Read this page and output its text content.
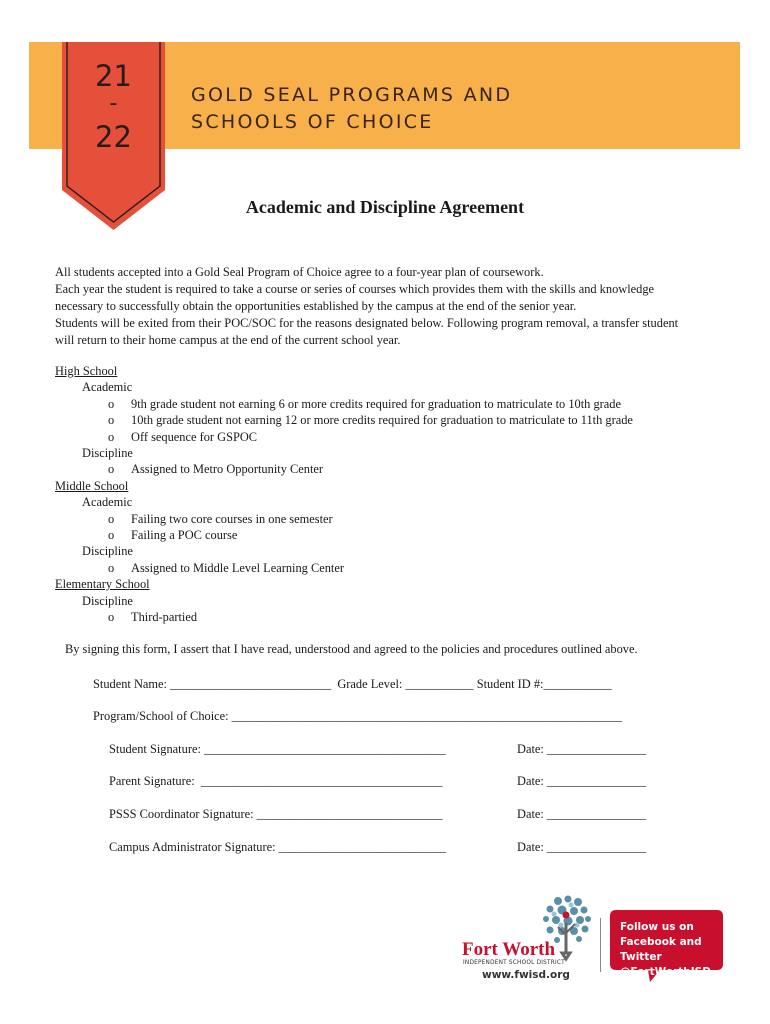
21
-
22
GOLD SEAL PROGRAMS AND
SCHOOLS OF CHOICE
Academic and Discipline Agreement
All students accepted into a Gold Seal Program of Choice agree to a four-year plan of coursework.
Each year the student is required to take a course or series of courses which provides them with the skills and knowledge
necessary to successfully obtain the opportunities established by the campus at the end of the senior year.
Students will be exited from their POC/SOC for the reasons designated below. Following program removal, a transfer student
will return to their home campus at the end of the current school year.
High School
Academic
o 9th grade student not earning 6 or more credits required for graduation to matriculate to 10th grade
o 10th grade student not earning 12 or more credits required for graduation to matriculate to 11th grade
o Off sequence for GSPOC
Discipline
o Assigned to Metro Opportunity Center
Middle School
Academic
o Failing two core courses in one semester
o Failing a POC course
Discipline
o Assigned to Middle Level Learning Center
Elementary School
Discipline
o Third-partied
By signing this form, I assert that I have read, understood and agreed to the policies and procedures outlined above.
Student Name: __________________________  Grade Level: ___________ Student ID #:___________
Program/School of Choice: _______________________________________________________________
Student Signature: _______________________________________	Date: ________________
Parent Signature:  _______________________________________	Date: ________________
PSSS Coordinator Signature: ______________________________	Date: ________________
Campus Administrator Signature: ___________________________	Date: ________________
Fort Worth
INDEPENDENT SCHOOL DISTRICT
www.fwisd.org
Follow us on
Facebook and Twitter
@FortWorthISD
